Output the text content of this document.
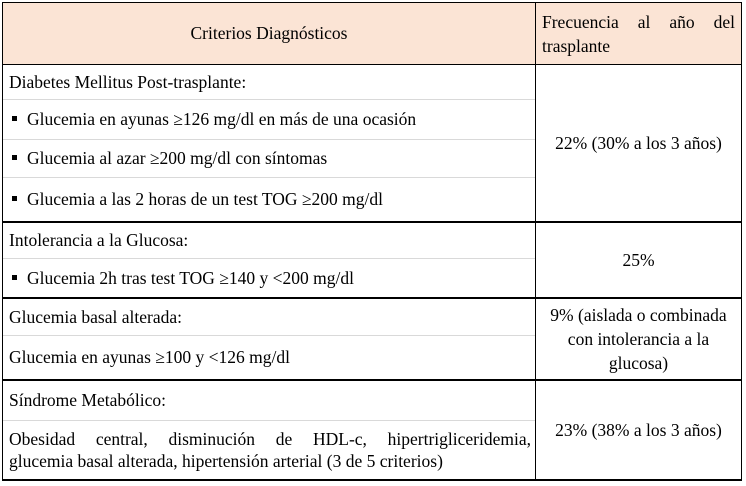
Criterios Diagnósticos
Frecuencia al año del trasplante
Diabetes Mellitus Post-trasplante:
Glucemia en ayunas ≥126 mg/dl en más de una ocasión
Glucemia al azar ≥200 mg/dl con síntomas
Glucemia a las 2 horas de un test TOG ≥200 mg/dl
22% (30% a los 3 años)
Intolerancia a la Glucosa:
Glucemia 2h tras test TOG ≥140 y <200 mg/dl
25%
Glucemia basal alterada:
Glucemia en ayunas ≥100 y <126 mg/dl
9% (aislada o combinada con intolerancia a la glucosa)
Síndrome Metabólico:
Obesidad central, disminución de HDL-c, hipertrigliceridemia,
glucemia basal alterada, hipertensión arterial (3 de 5 criterios)
23% (38% a los 3 años)
